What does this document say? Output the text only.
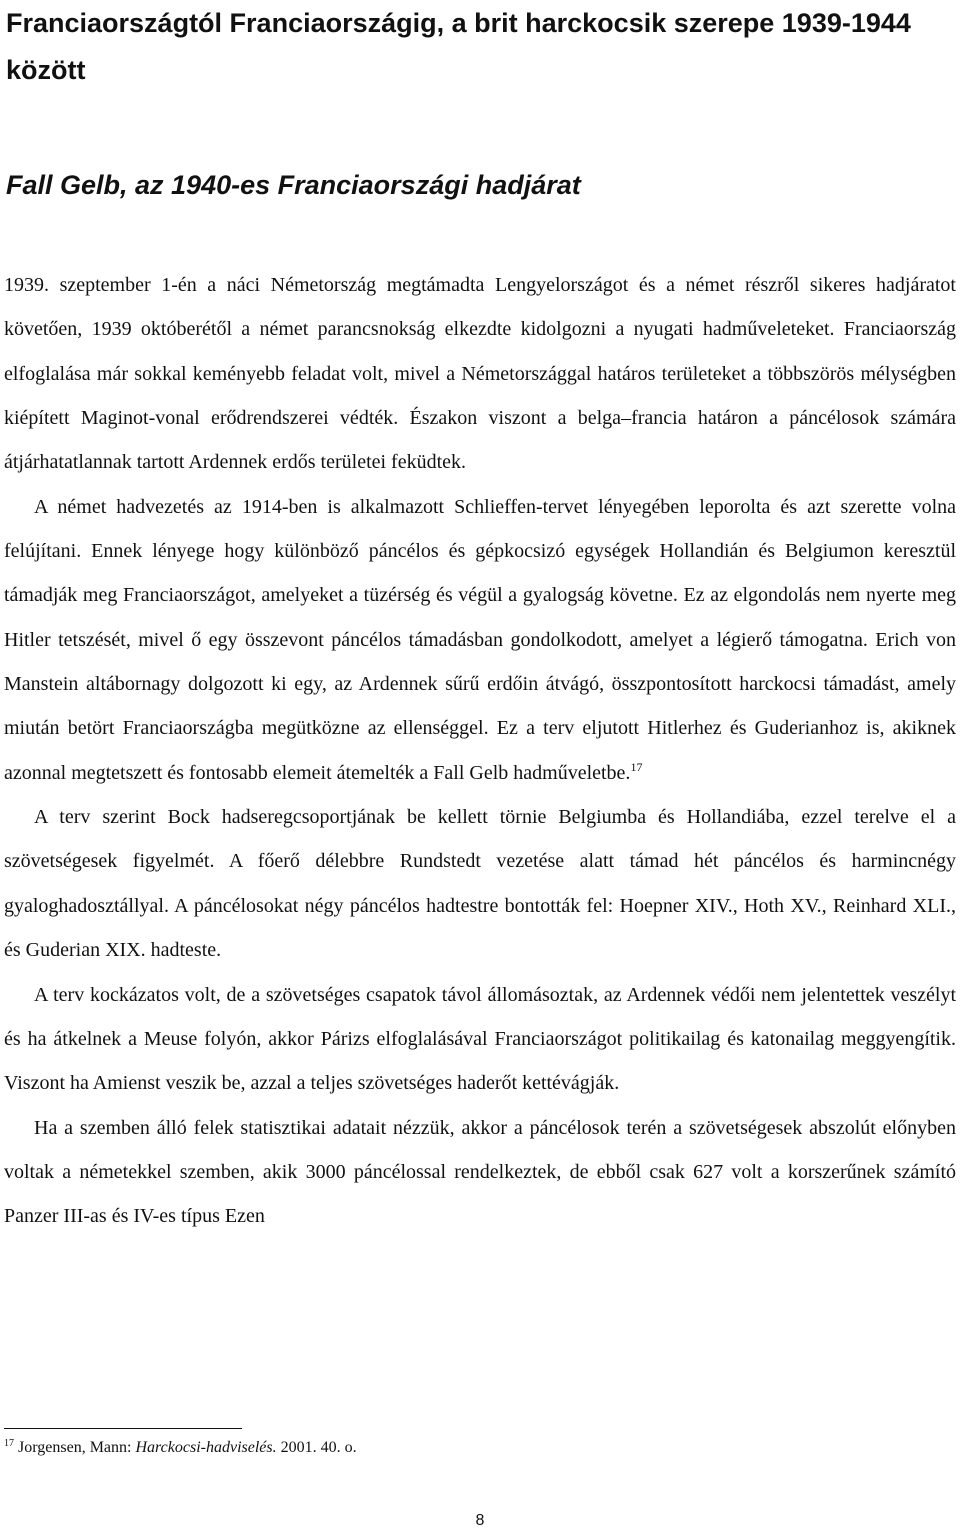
Franciaországtól Franciaországig, a brit harckocsik szerepe 1939-1944 között
Fall Gelb, az 1940-es Franciaországi hadjárat

1939. szeptember 1-én a náci Németország megtámadta Lengyelországot és a német részről sikeres hadjáratot követően, 1939 októberétől a német parancsnokság elkezdte kidolgozni a nyugati hadműveleteket. Franciaország elfoglalása már sokkal keményebb feladat volt, mivel a Németországgal határos területeket a többszörös mélységben kiépített Maginot-vonal erődrendszerei védték. Északon viszont a belga–francia határon a páncélosok számára átjárhatatlannak tartott Ardennek erdős területei feküdtek.

A német hadvezetés az 1914-ben is alkalmazott Schlieffen-tervet lényegében leporolta és azt szerette volna felújítani. Ennek lényege hogy különböző páncélos és gépkocsizó egységek Hollandián és Belgiumon keresztül támadják meg Franciaországot, amelyeket a tüzérség és végül a gyalogság követne. Ez az elgondolás nem nyerte meg Hitler tetszését, mivel ő egy összevont páncélos támadásban gondolkodott, amelyet a légierő támogatna. Erich von Manstein altábornagy dolgozott ki egy, az Ardennek sűrű erdőin átvágó, összpontosított harckocsi támadást, amely miután betört Franciaországba megütközne az ellenséggel. Ez a terv eljutott Hitlerhez és Guderianhoz is, akiknek azonnal megtetszett és fontosabb elemeit átemelték a Fall Gelb hadműveletbe.$^{17}$

A terv szerint Bock hadseregcsoportjának be kellett törnie Belgiumba és Hollandiába, ezzel terelve el a szövetségesek figyelmét. A főerő délebbre Rundstedt vezetése alatt támad hét páncélos és harmincnégy gyaloghadosztállyal. A páncélosokat négy páncélos hadtestre bontották fel: Hoepner XIV., Hoth XV., Reinhard XLI., és Guderian XIX. hadteste.

A terv kockázatos volt, de a szövetséges csapatok távol állomásoztak, az Ardennek védői nem jelentettek veszélyt és ha átkelnek a Meuse folyón, akkor Párizs elfoglalásával Franciaországot politikailag és katonailag meggyengítik. Viszont ha Amienst veszik be, azzal a teljes szövetséges haderőt kettévágják.

Ha a szemben álló felek statisztikai adatait nézzük, akkor a páncélosok terén a szövetségesek abszolút előnyben voltak a németekkel szemben, akik 3000 páncélossal rendelkeztek, de ebből csak 627 volt a korszerűnek számító Panzer III-as és IV-es típus Ezen

$^{17}$ Jorgensen, Mann: Harckocsi-hadviselés. 2001. 40. o.

8
